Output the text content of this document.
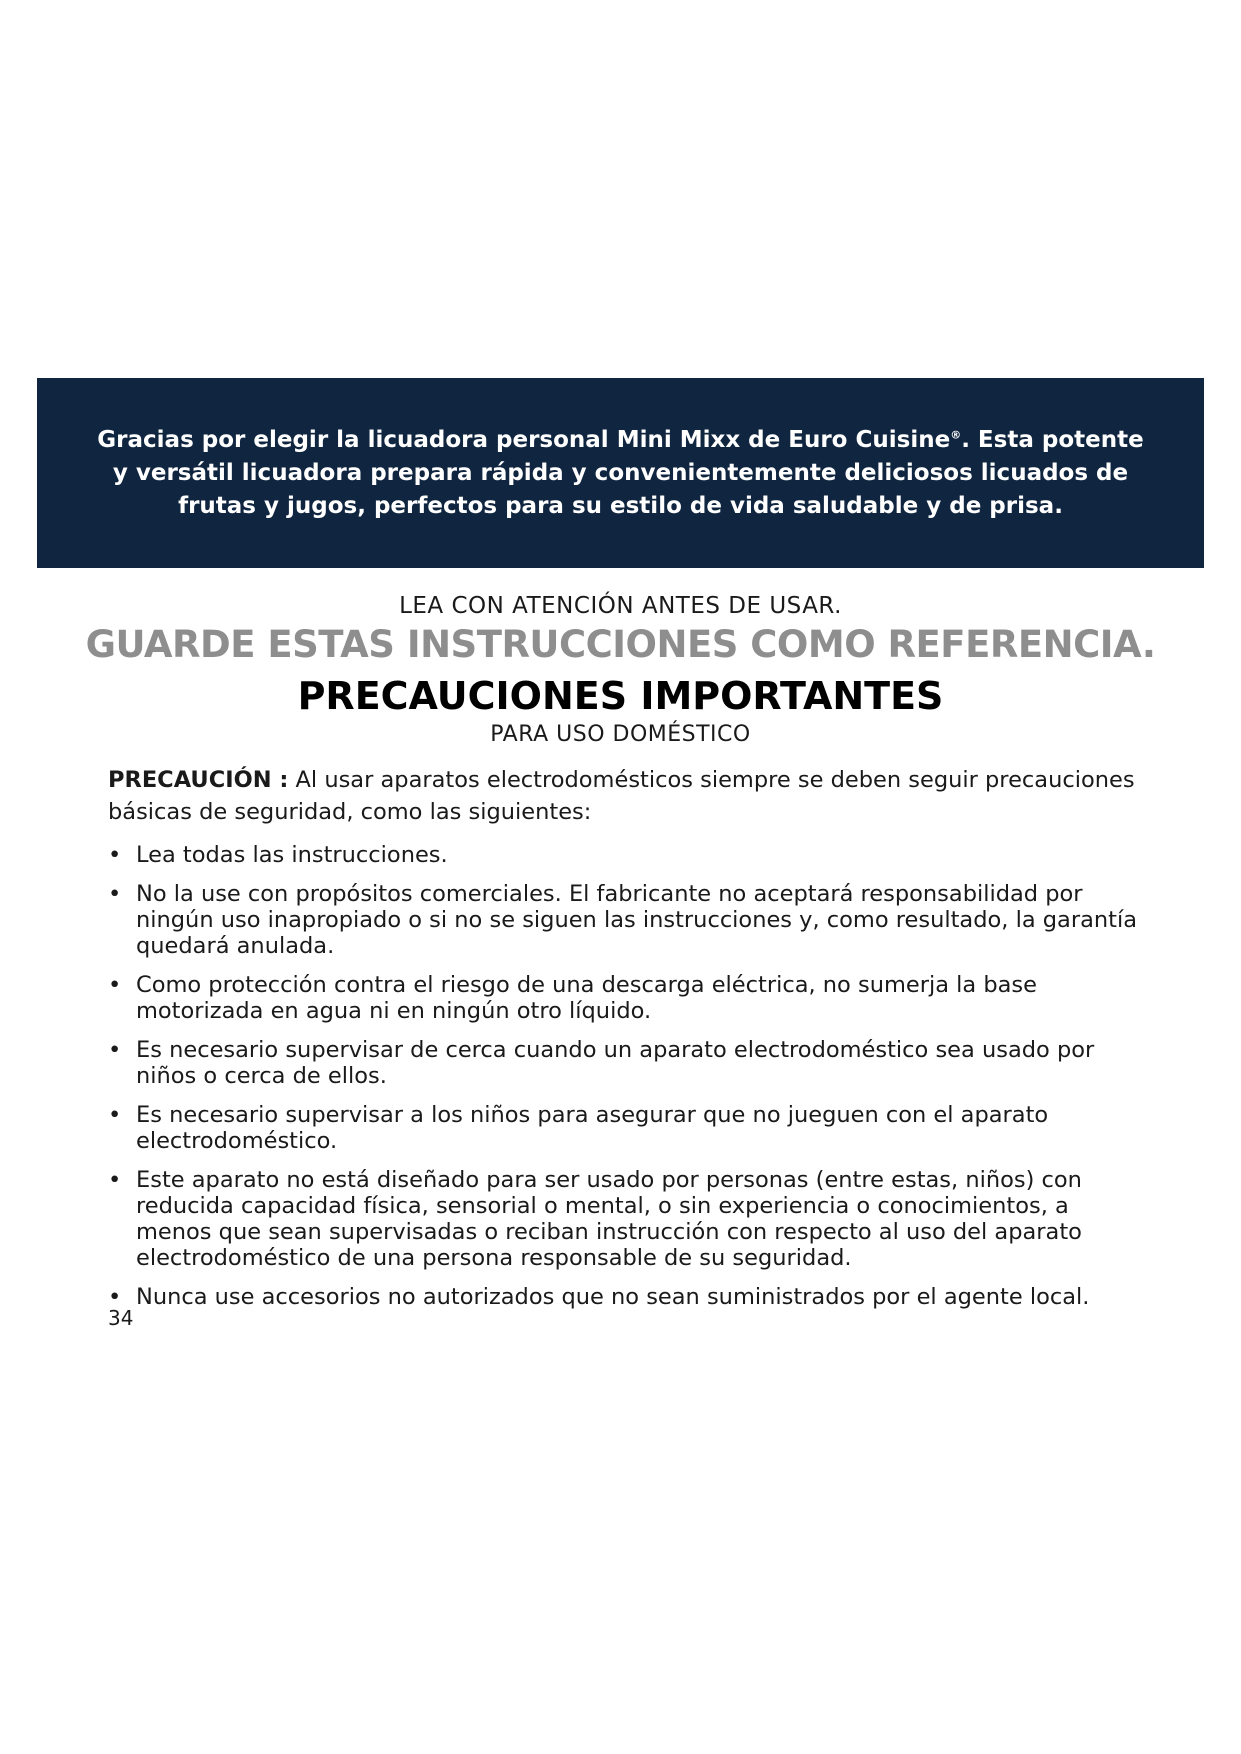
Gracias por elegir la licuadora personal Mini Mixx de Euro Cuisine®. Esta potente y versátil licuadora prepara rápida y convenientemente deliciosos licuados de frutas y jugos, perfectos para su estilo de vida saludable y de prisa.

LEA CON ATENCIÓN ANTES DE USAR.

GUARDE ESTAS INSTRUCCIONES COMO REFERENCIA.

PRECAUCIONES IMPORTANTES

PARA USO DOMÉSTICO

PRECAUCIÓN : Al usar aparatos electrodomésticos siempre se deben seguir precauciones básicas de seguridad, como las siguientes:

• Lea todas las instrucciones.
• No la use con propósitos comerciales. El fabricante no aceptará responsabilidad por ningún uso inapropiado o si no se siguen las instrucciones y, como resultado, la garantía quedará anulada.
• Como protección contra el riesgo de una descarga eléctrica, no sumerja la base motorizada en agua ni en ningún otro líquido.
• Es necesario supervisar de cerca cuando un aparato electrodoméstico sea usado por niños o cerca de ellos.
• Es necesario supervisar a los niños para asegurar que no jueguen con el aparato electrodoméstico.
• Este aparato no está diseñado para ser usado por personas (entre estas, niños) con reducida capacidad física, sensorial o mental, o sin experiencia o conocimientos, a menos que sean supervisadas o reciban instrucción con respecto al uso del aparato electrodoméstico de una persona responsable de su seguridad.
• Nunca use accesorios no autorizados que no sean suministrados por el agente local.
34
